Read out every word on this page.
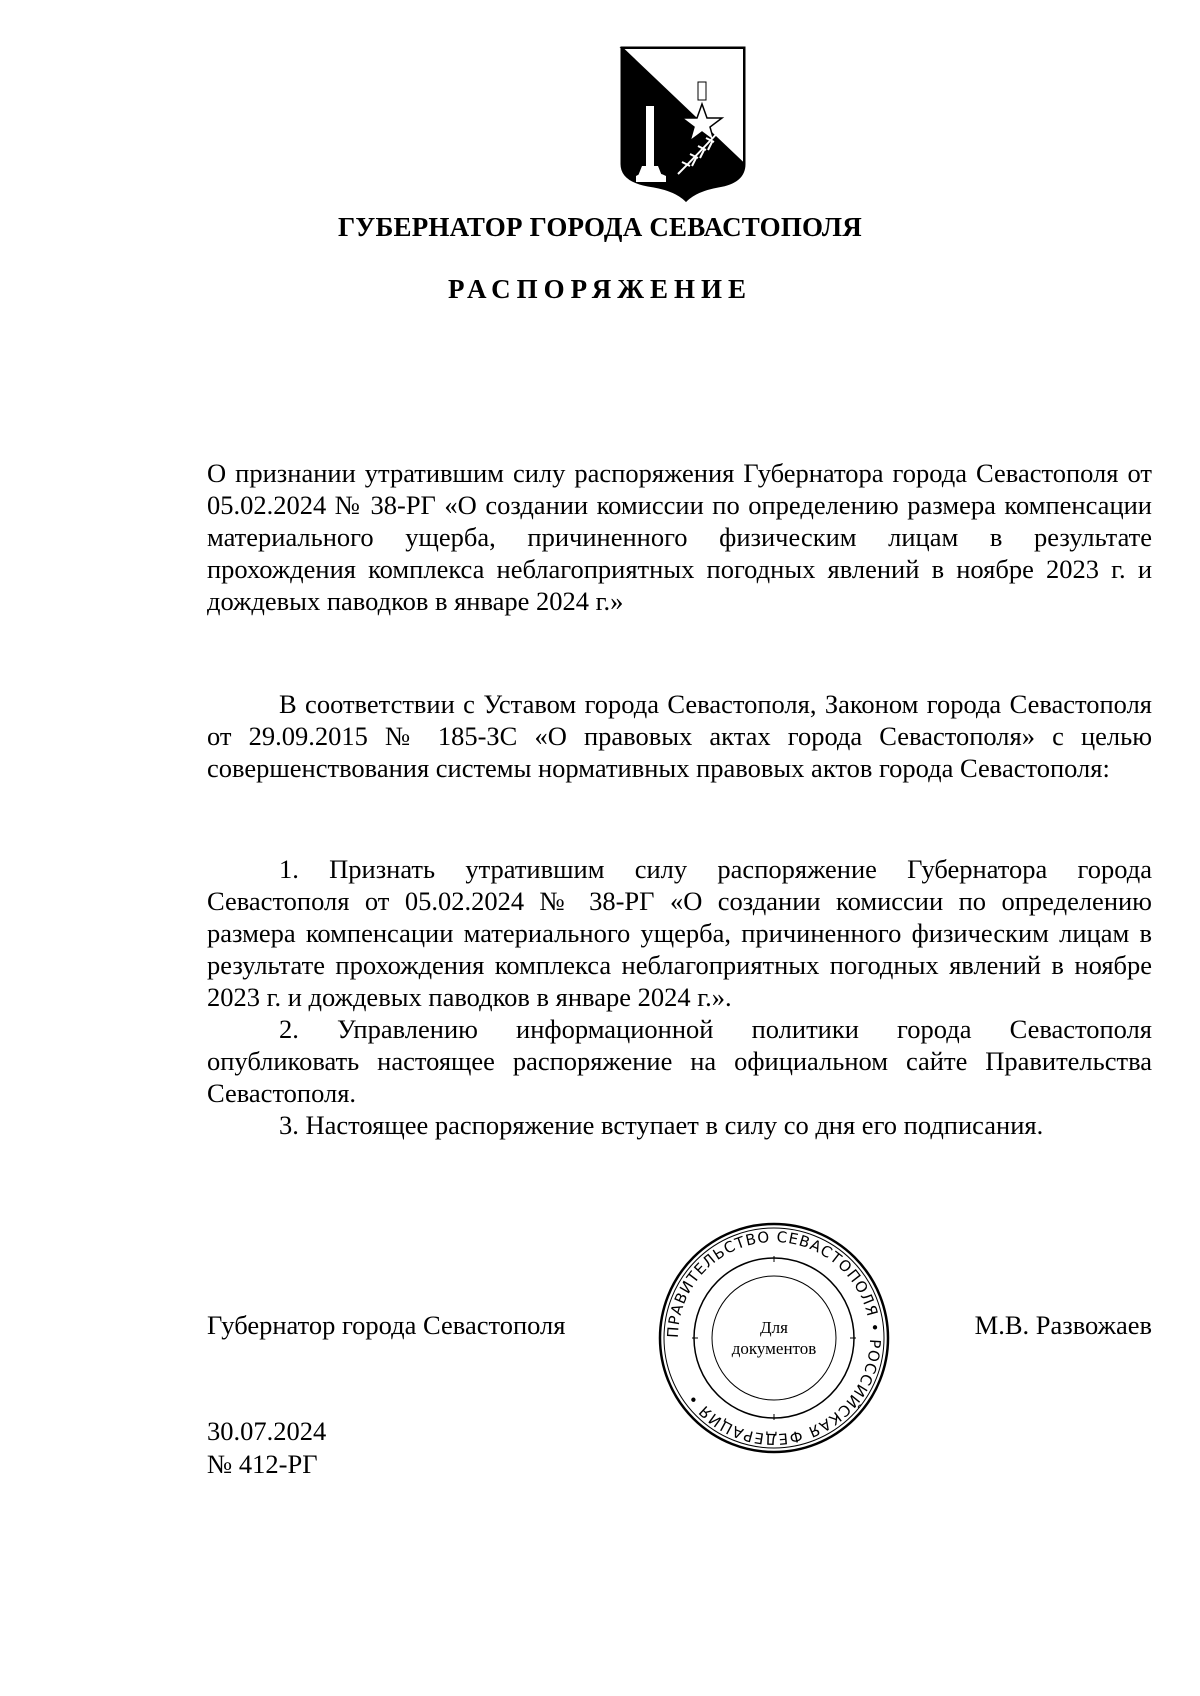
ГУБЕРНАТОР ГОРОДА СЕВАСТОПОЛЯ
РАСПОРЯЖЕНИЕ
О признании утратившим силу распоряжения Губернатора города Севастополя от 05.02.2024 № 38-РГ «О создании комиссии по определению размера компенсации материального ущерба, причиненного физическим лицам в результате прохождения комплекса неблагоприятных погодных явлений в ноябре 2023 г. и дождевых паводков в январе 2024 г.»
В соответствии с Уставом города Севастополя, Законом города Севастополя от 29.09.2015 № 185-ЗС «О правовых актах города Севастополя» с целью совершенствования системы нормативных правовых актов города Севастополя:

1. Признать утратившим силу распоряжение Губернатора города Севастополя от 05.02.2024 № 38-РГ «О создании комиссии по определению размера компенсации материального ущерба, причиненного физическим лицам в результате прохождения комплекса неблагоприятных погодных явлений в ноябре 2023 г. и дождевых паводков в январе 2024 г.».

2. Управлению информационной политики города Севастополя опубликовать настоящее распоряжение на официальном сайте Правительства Севастополя.

3. Настоящее распоряжение вступает в силу со дня его подписания.

Губернатор города Севастополя	ПРАВИТЕЛЬСТВО СЕВАСТОПОЛЯ • РОССИЙСКАЯ ФЕДЕРАЦИЯ •
Для
документов
М.В. Развожаев
30.07.2024
№ 412-РГ
